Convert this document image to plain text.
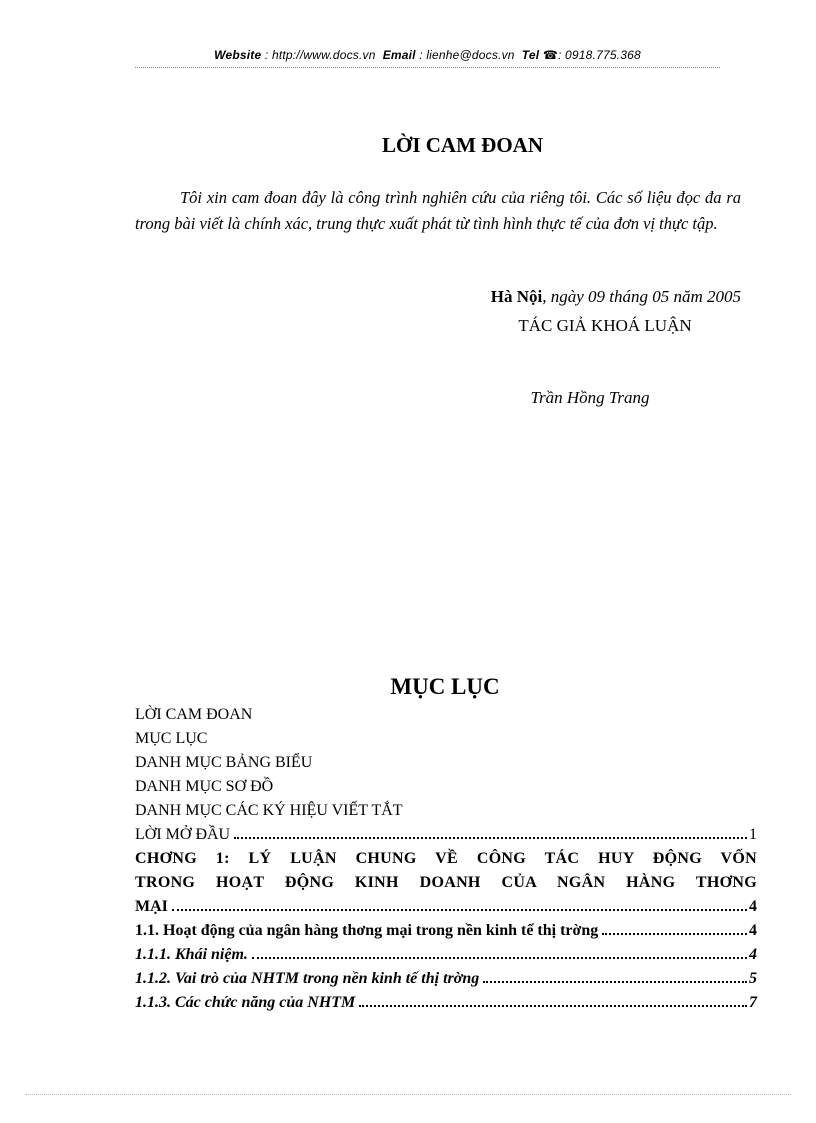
Website : http://www.docs.vn Email : lienhe@docs.vn Tel ☎: 0918.775.368
LỜI CAM ĐOAN
Tôi xin cam đoan đây là công trình nghiên cứu của riêng tôi. Các số liệu đọc đa ra trong bài viết là chính xác, trung thực xuất phát từ tình hình thực tế của đơn vị thực tập.
Hà Nội, ngày 09 tháng 05 năm 2005
TÁC GIẢ KHOÁ LUẬN
Trần Hồng Trang
MỤC LỤC
LỜI CAM ĐOAN
MỤC LỤC
DANH MỤC BẢNG BIỂU
DANH MỤC SƠ ĐỒ
DANH MỤC CÁC KÝ HIỆU VIẾT TẮT
LỜI MỞ ĐẦU	1
CHƠNG 1: LÝ LUẬN CHUNG VỀ CÔNG TÁC HUY ĐỘNG VỐN
TRONG HOẠT ĐỘNG KINH DOANH CỦA NGÂN HÀNG THƠNG
MẠI	4
1.1. Hoạt động của ngân hàng thơng mại trong nền kinh tế thị trờng	4
1.1.1. Khái niệm.	4
1.1.2. Vai trò của NHTM trong nền kinh tế thị trờng	5
1.1.3. Các chức năng của NHTM	7
